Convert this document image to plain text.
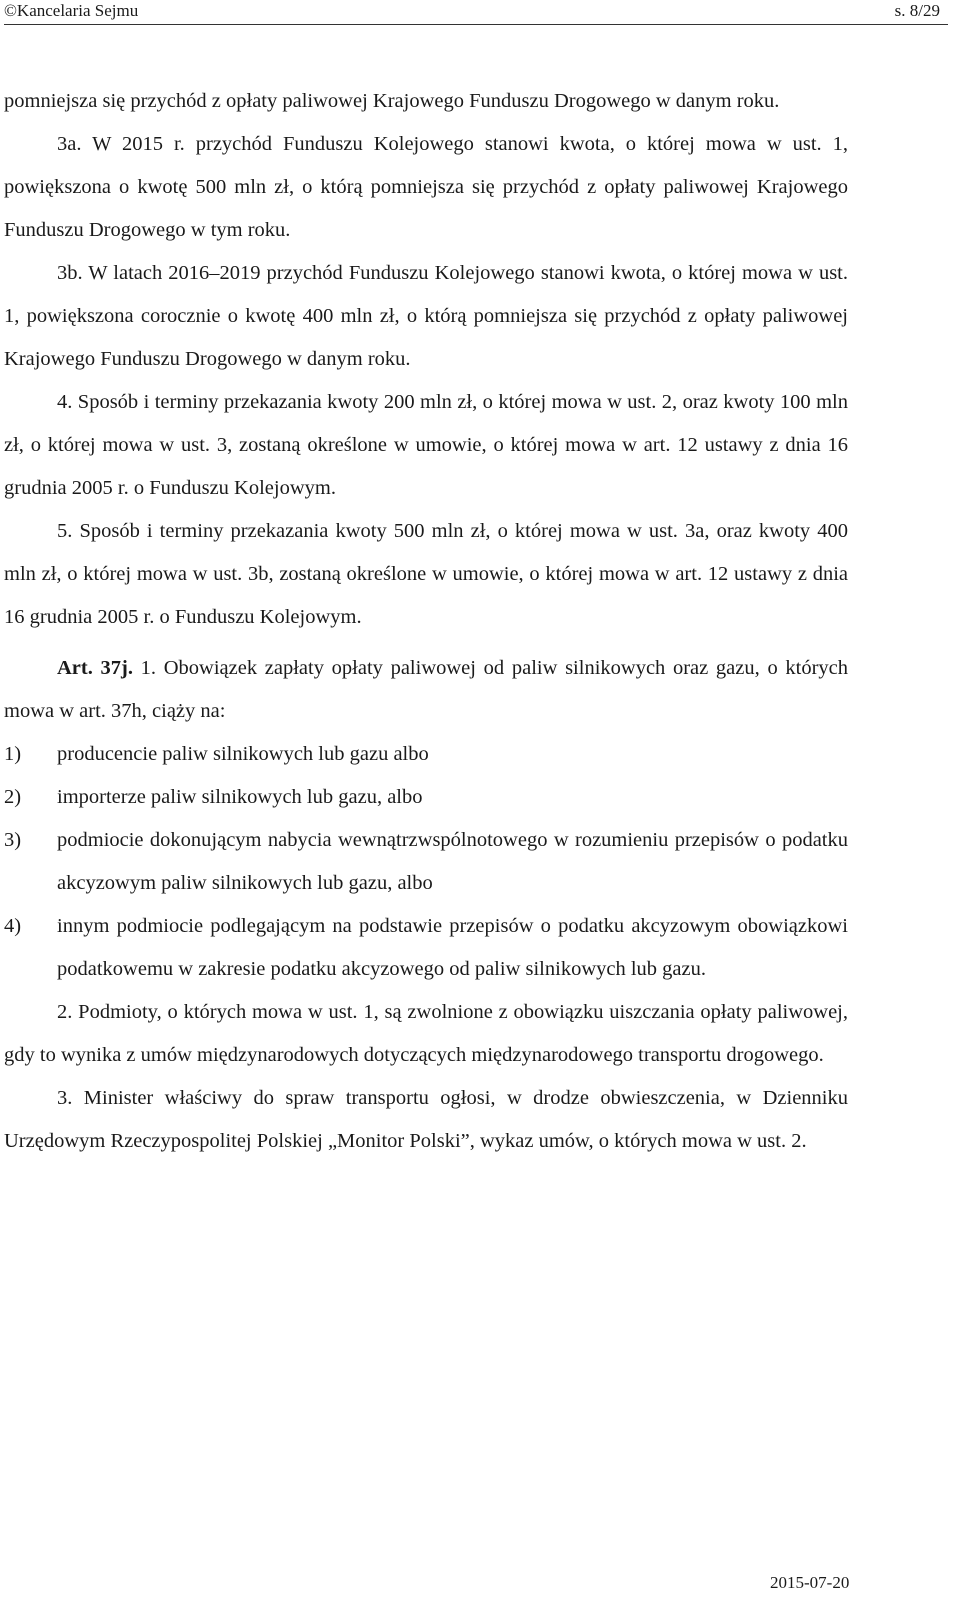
©Kancelaria Sejmu	s. 8/29

pomniejsza się przychód z opłaty paliwowej Krajowego Funduszu Drogowego w danym roku.

3a. W 2015 r. przychód Funduszu Kolejowego stanowi kwota, o której mowa w ust. 1, powiększona o kwotę 500 mln zł, o którą pomniejsza się przychód z opłaty paliwowej Krajowego Funduszu Drogowego w tym roku.

3b. W latach 2016–2019 przychód Funduszu Kolejowego stanowi kwota, o której mowa w ust. 1, powiększona corocznie o kwotę 400 mln zł, o którą pomniejsza się przychód z opłaty paliwowej Krajowego Funduszu Drogowego w danym roku.

4. Sposób i terminy przekazania kwoty 200 mln zł, o której mowa w ust. 2, oraz kwoty 100 mln zł, o której mowa w ust. 3, zostaną określone w umowie, o której mowa w art. 12 ustawy z dnia 16 grudnia 2005 r. o Funduszu Kolejowym.

5. Sposób i terminy przekazania kwoty 500 mln zł, o której mowa w ust. 3a, oraz kwoty 400 mln zł, o której mowa w ust. 3b, zostaną określone w umowie, o której mowa w art. 12 ustawy z dnia 16 grudnia 2005 r. o Funduszu Kolejowym.

Art. 37j. 1. Obowiązek zapłaty opłaty paliwowej od paliw silnikowych oraz gazu, o których mowa w art. 37h, ciąży na:

1) producencie paliw silnikowych lub gazu albo
2) importerze paliw silnikowych lub gazu, albo
3) podmiocie dokonującym nabycia wewnątrzwspólnotowego w rozumieniu przepisów o podatku akcyzowym paliw silnikowych lub gazu, albo
4) innym podmiocie podlegającym na podstawie przepisów o podatku akcyzowym obowiązkowi podatkowemu w zakresie podatku akcyzowego od paliw silnikowych lub gazu.

2. Podmioty, o których mowa w ust. 1, są zwolnione z obowiązku uiszczania opłaty paliwowej, gdy to wynika z umów międzynarodowych dotyczących międzynarodowego transportu drogowego.

3. Minister właściwy do spraw transportu ogłosi, w drodze obwieszczenia, w Dzienniku Urzędowym Rzeczypospolitej Polskiej „Monitor Polski”, wykaz umów, o których mowa w ust. 2.

2015-07-20
